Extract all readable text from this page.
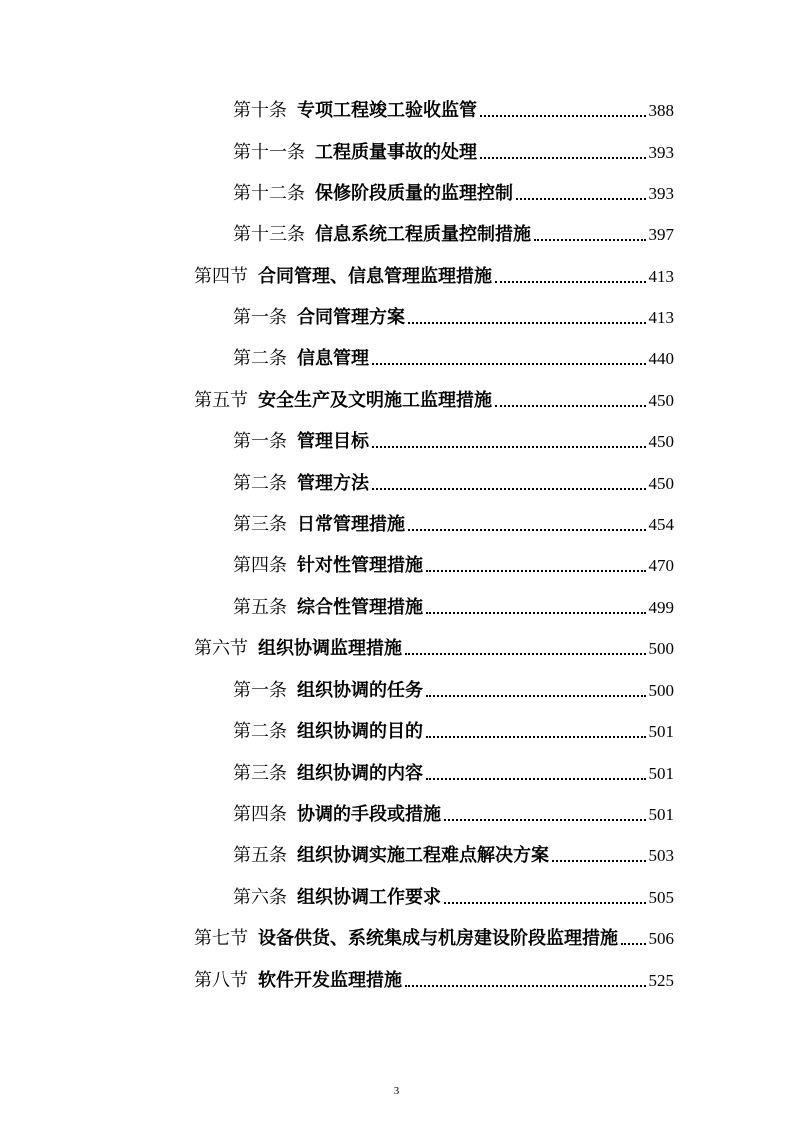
第十条 专项工程竣工验收监管	388
第十一条 工程质量事故的处理	393
第十二条 保修阶段质量的监理控制	393
第十三条 信息系统工程质量控制措施	397
第四节 合同管理、信息管理监理措施	413
第一条 合同管理方案	413
第二条 信息管理	440
第五节 安全生产及文明施工监理措施	450
第一条 管理目标	450
第二条 管理方法	450
第三条 日常管理措施	454
第四条 针对性管理措施	470
第五条 综合性管理措施	499
第六节 组织协调监理措施	500
第一条 组织协调的任务	500
第二条 组织协调的目的	501
第三条 组织协调的内容	501
第四条 协调的手段或措施	501
第五条 组织协调实施工程难点解决方案	503
第六条 组织协调工作要求	505
第七节 设备供货、系统集成与机房建设阶段监理措施 506
第八节 软件开发监理措施	525
3
